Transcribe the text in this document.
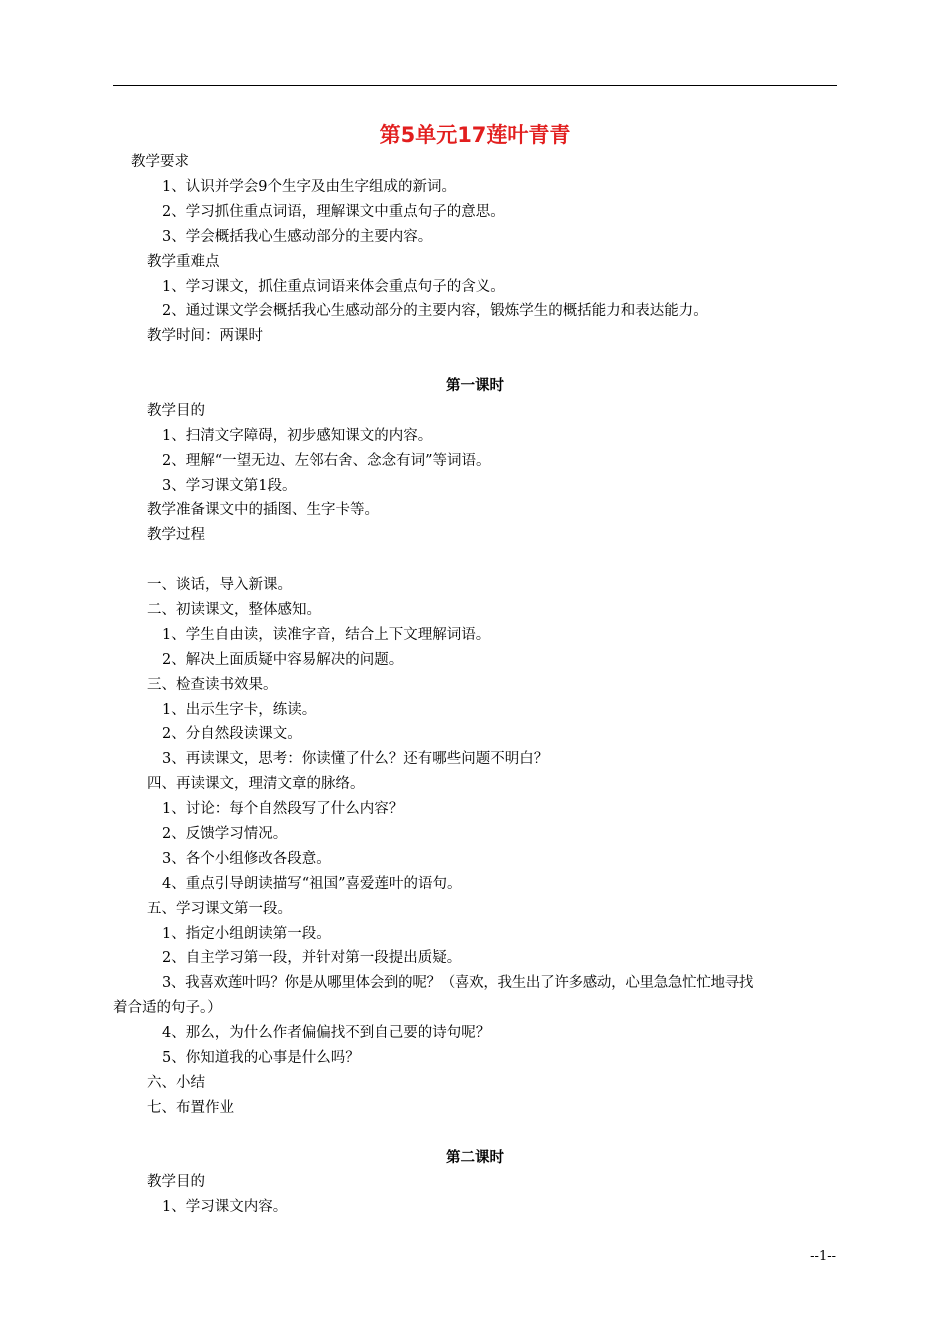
第5单元17莲叶青青
教学要求
1、认识并学会9个生字及由生字组成的新词。
2、学习抓住重点词语，理解课文中重点句子的意思。
3、学会概括我心生感动部分的主要内容。
教学重难点
1、学习课文，抓住重点词语来体会重点句子的含义。
2、通过课文学会概括我心生感动部分的主要内容，锻炼学生的概括能力和表达能力。
教学时间：两课时
第一课时
教学目的
1、扫清文字障碍，初步感知课文的内容。
2、理解“一望无边、左邻右舍、念念有词”等词语。
3、学习课文第1段。
教学准备课文中的插图、生字卡等。
教学过程
一、谈话，导入新课。
二、初读课文，整体感知。
1、学生自由读，读准字音，结合上下文理解词语。
2、解决上面质疑中容易解决的问题。
三、检查读书效果。
1、出示生字卡，练读。
2、分自然段读课文。
3、再读课文，思考：你读懂了什么？还有哪些问题不明白？
四、再读课文，理清文章的脉络。
1、讨论：每个自然段写了什么内容？
2、反馈学习情况。
3、各个小组修改各段意。
4、重点引导朗读描写“祖国”喜爱莲叶的语句。
五、学习课文第一段。
1、指定小组朗读第一段。
2、自主学习第一段，并针对第一段提出质疑。
3、我喜欢莲叶吗？你是从哪里体会到的呢？（喜欢，我生出了许多感动，心里急急忙忙地寻找
着合适的句子。）
4、那么，为什么作者偏偏找不到自己要的诗句呢？
5、你知道我的心事是什么吗？
六、小结
七、布置作业
第二课时
教学目的
1、学习课文内容。
--1--
